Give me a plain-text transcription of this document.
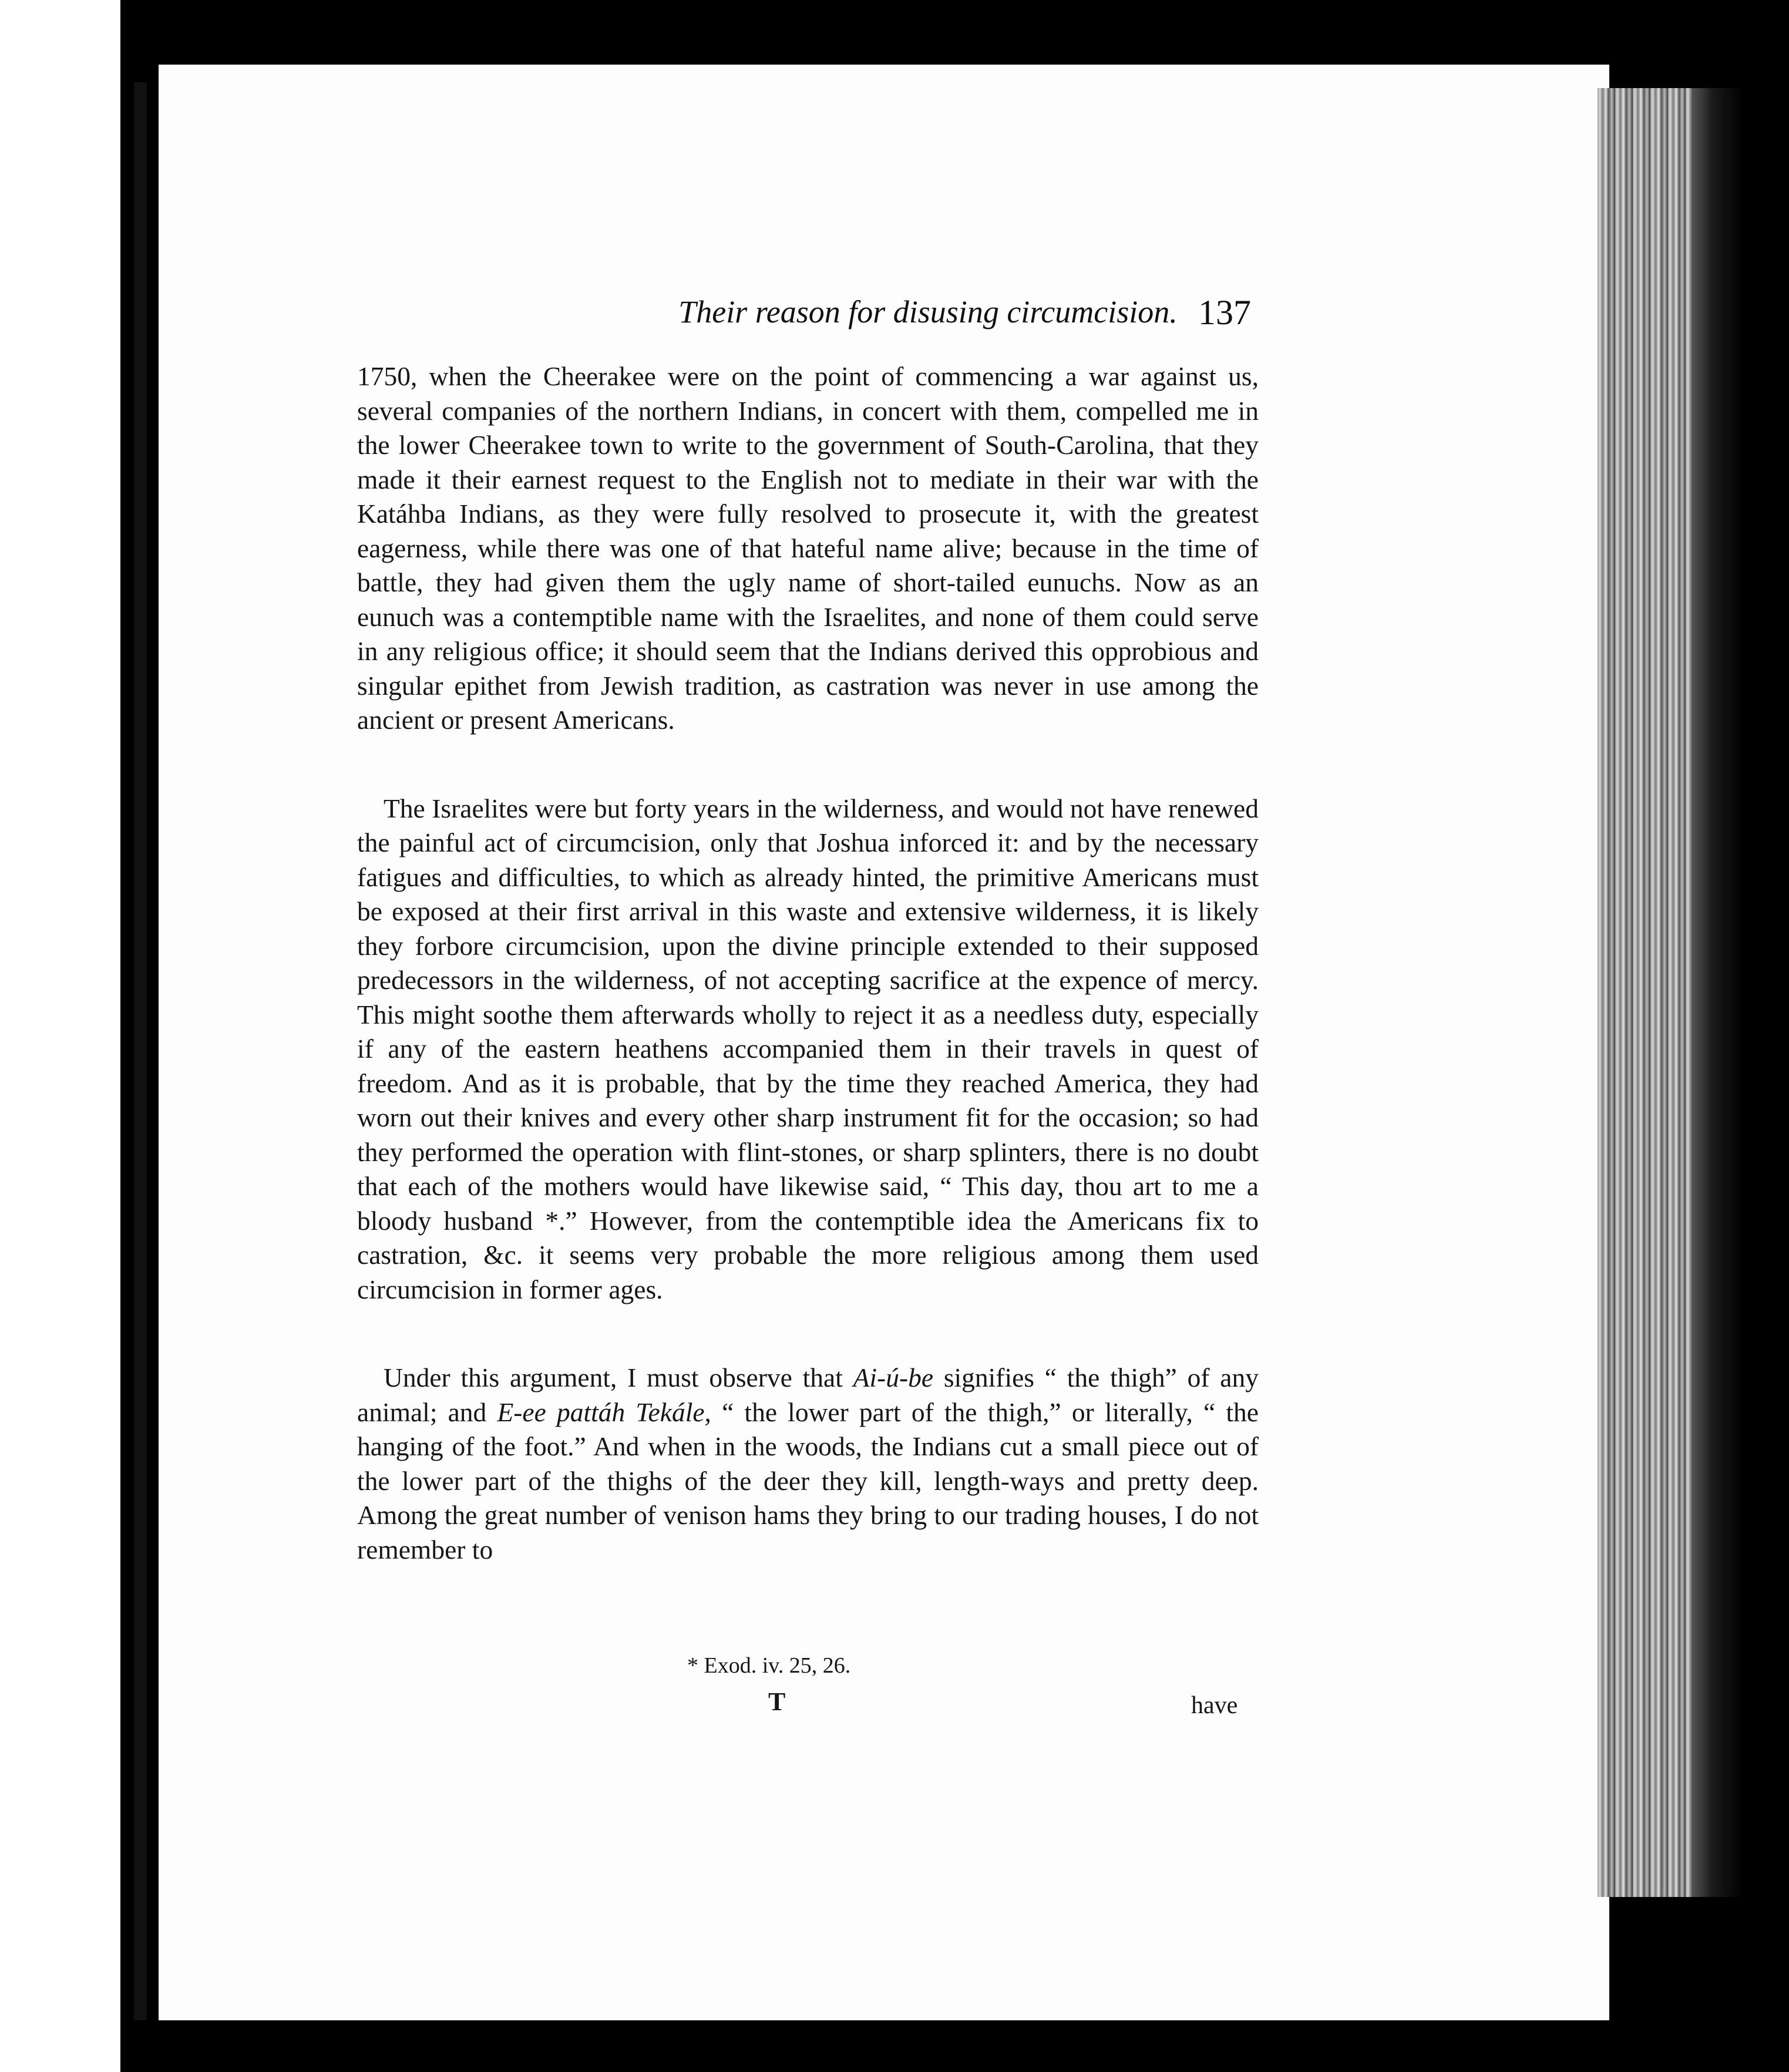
Their reason for disusing circumcision. 137

1750, when the Cheerakee were on the point of commencing a war against us, several companies of the northern Indians, in concert with them, compelled me in the lower Cheerakee town to write to the government of South-Carolina, that they made it their earnest request to the English not to mediate in their war with the Katáhba Indians, as they were fully resolved to prosecute it, with the greatest eagerness, while there was one of that hateful name alive; because in the time of battle, they had given them the ugly name of short-tailed eunuchs. Now as an eunuch was a contemptible name with the Israelites, and none of them could serve in any religious office; it should seem that the Indians derived this opprobious and singular epithet from Jewish tradition, as castration was never in use among the ancient or present Americans.

The Israelites were but forty years in the wilderness, and would not have renewed the painful act of circumcision, only that Joshua inforced it: and by the necessary fatigues and difficulties, to which as already hinted, the primitive Americans must be exposed at their first arrival in this waste and extensive wilderness, it is likely they forbore circumcision, upon the divine principle extended to their supposed predecessors in the wilderness, of not accepting sacrifice at the expence of mercy. This might soothe them afterwards wholly to reject it as a needless duty, especially if any of the eastern heathens accompanied them in their travels in quest of freedom. And as it is probable, that by the time they reached America, they had worn out their knives and every other sharp instrument fit for the occasion; so had they performed the operation with flint-stones, or sharp splinters, there is no doubt that each of the mothers would have likewise said, “ This day, thou art to me a bloody husband *.” However, from the contemptible idea the Americans fix to castration, &c. it seems very probable the more religious among them used circumcision in former ages.

Under this argument, I must observe that Ai-ú-be signifies “ the thigh” of any animal; and E-ee pattáh Tekále, “ the lower part of the thigh,” or literally, “ the hanging of the foot.” And when in the woods, the Indians cut a small piece out of the lower part of the thighs of the deer they kill, length-ways and pretty deep. Among the great number of venison hams they bring to our trading houses, I do not remember to

* Exod. iv. 25, 26.
T	have
